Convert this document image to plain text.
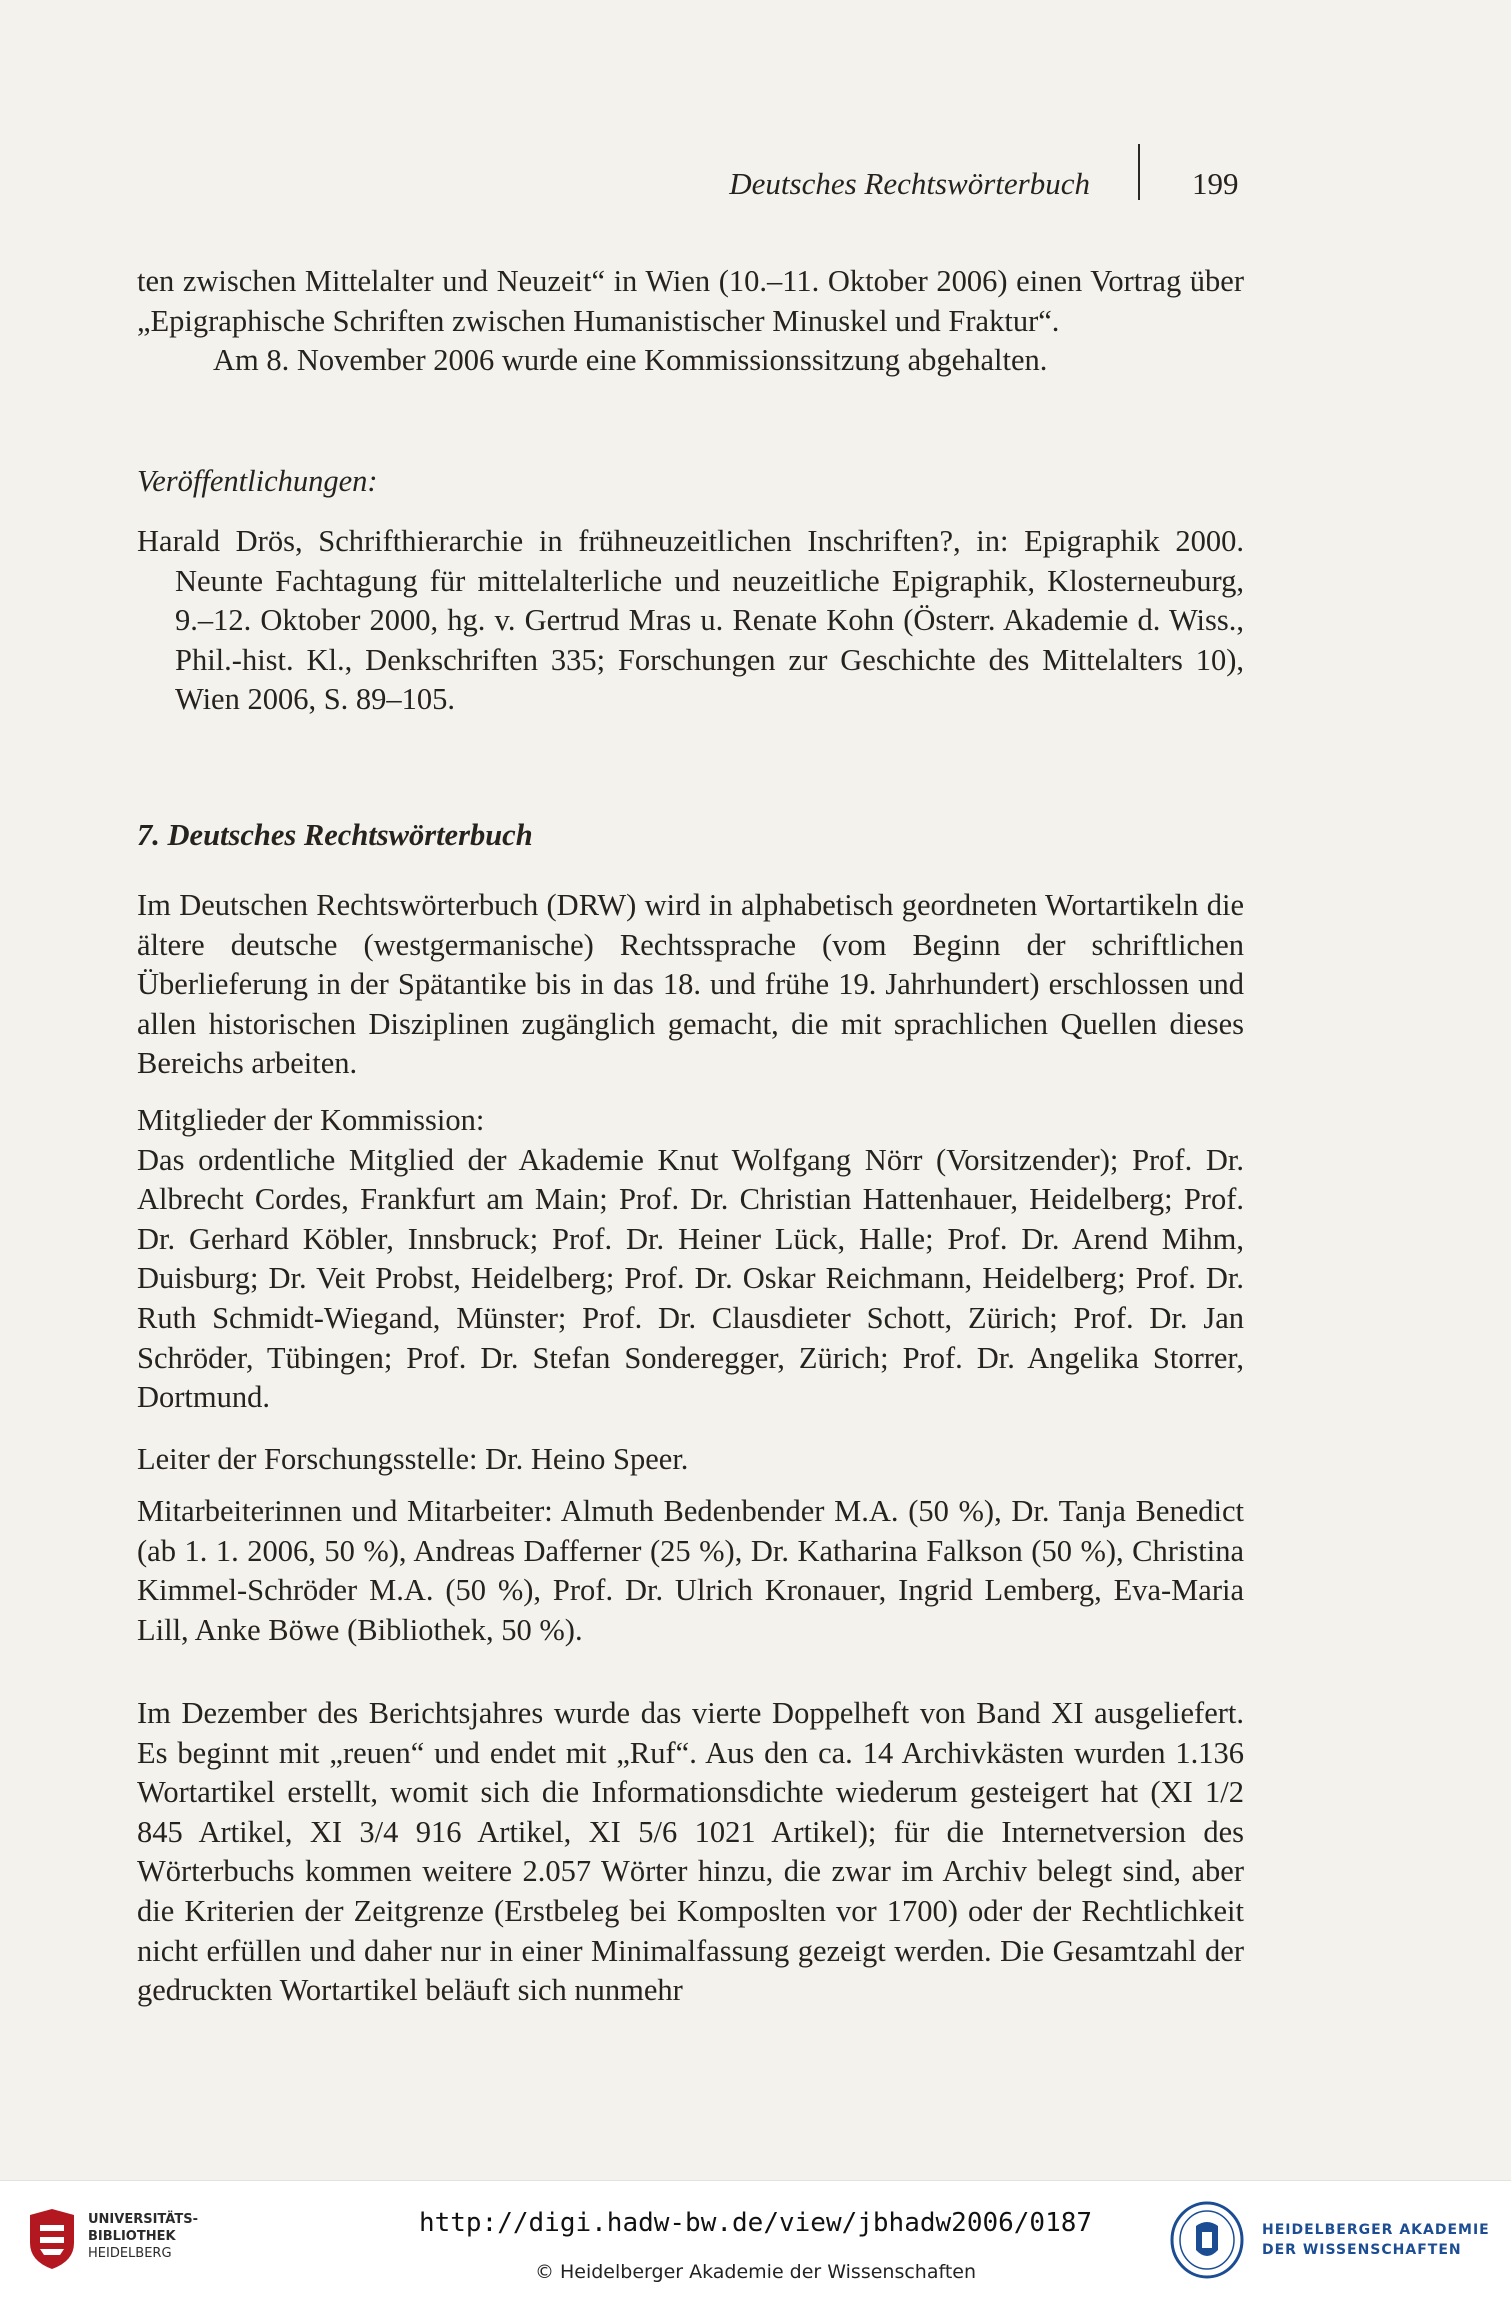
Deutsches Rechtswörterbuch	199

ten zwischen Mittelalter und Neuzeit“ in Wien (10.–11. Oktober 2006) einen Vortrag über „Epigraphische Schriften zwischen Humanistischer Minuskel und Fraktur“.

Am 8. November 2006 wurde eine Kommissionssitzung abgehalten.

Veröffentlichungen:

Harald Drös, Schrifthierarchie in frühneuzeitlichen Inschriften?, in: Epigraphik 2000. Neunte Fachtagung für mittelalterliche und neuzeitliche Epigraphik, Klosterneuburg, 9.–12. Oktober 2000, hg. v. Gertrud Mras u. Renate Kohn (Österr. Akademie d. Wiss., Phil.-hist. Kl., Denkschriften 335; Forschungen zur Geschichte des Mittelalters 10), Wien 2006, S. 89–105.

7. Deutsches Rechtswörterbuch

Im Deutschen Rechtswörterbuch (DRW) wird in alphabetisch geordneten Wortartikeln die ältere deutsche (westgermanische) Rechtssprache (vom Beginn der schriftlichen Überlieferung in der Spätantike bis in das 18. und frühe 19. Jahrhundert) erschlossen und allen historischen Disziplinen zugänglich gemacht, die mit sprachlichen Quellen dieses Bereichs arbeiten.

Mitglieder der Kommission:

Das ordentliche Mitglied der Akademie Knut Wolfgang Nörr (Vorsitzender); Prof. Dr. Albrecht Cordes, Frankfurt am Main; Prof. Dr. Christian Hattenhauer, Heidelberg; Prof. Dr. Gerhard Köbler, Innsbruck; Prof. Dr. Heiner Lück, Halle; Prof. Dr. Arend Mihm, Duisburg; Dr. Veit Probst, Heidelberg; Prof. Dr. Oskar Reichmann, Heidelberg; Prof. Dr. Ruth Schmidt-Wiegand, Münster; Prof. Dr. Clausdieter Schott, Zürich; Prof. Dr. Jan Schröder, Tübingen; Prof. Dr. Stefan Sonderegger, Zürich; Prof. Dr. Angelika Storrer, Dortmund.

Leiter der Forschungsstelle: Dr. Heino Speer.

Mitarbeiterinnen und Mitarbeiter: Almuth Bedenbender M.A. (50 %), Dr. Tanja Benedict (ab 1. 1. 2006, 50 %), Andreas Dafferner (25 %), Dr. Katharina Falkson (50 %), Christina Kimmel-Schröder M.A. (50 %), Prof. Dr. Ulrich Kronauer, Ingrid Lemberg, Eva-Maria Lill, Anke Böwe (Bibliothek, 50 %).

Im Dezember des Berichtsjahres wurde das vierte Doppelheft von Band XI ausgeliefert. Es beginnt mit „reuen“ und endet mit „Ruf“. Aus den ca. 14 Archivkästen wurden 1.136 Wortartikel erstellt, womit sich die Informationsdichte wiederum gesteigert hat (XI 1/2 845 Artikel, XI 3/4 916 Artikel, XI 5/6 1021 Artikel); für die Internetversion des Wörterbuchs kommen weitere 2.057 Wörter hinzu, die zwar im Archiv belegt sind, aber die Kriterien der Zeitgrenze (Erstbeleg bei Komposlten vor 1700) oder der Rechtlichkeit nicht erfüllen und daher nur in einer Minimalfassung gezeigt werden. Die Gesamtzahl der gedruckten Wortartikel beläuft sich nunmehr

UNIVERSITÄTS-
BIBLIOTHEK
HEIDELBERG
http://digi.hadw-bw.de/view/jbhadw2006/0187
© Heidelberger Akademie der Wissenschaften
HEIDELBERGER AKADEMIE
DER WISSENSCHAFTEN
